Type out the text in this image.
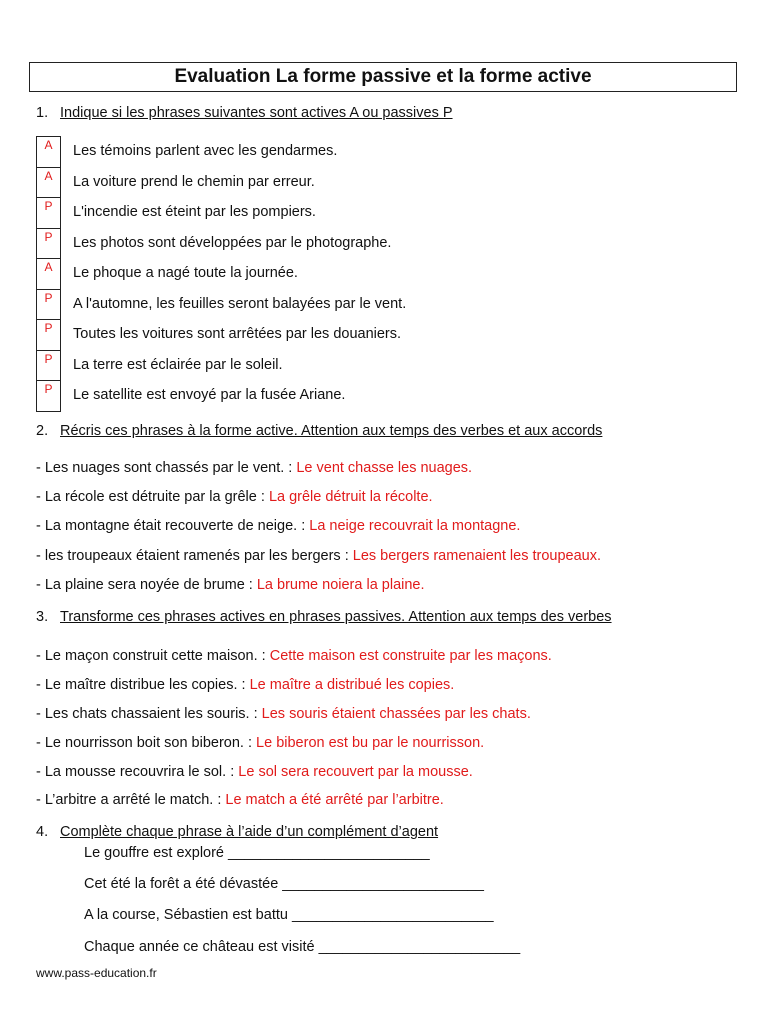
Evaluation La forme passive et la forme active
1. Indique si les phrases suivantes sont actives A ou passives P
A
A
P
P
A
P
P
P
P
Les témoins parlent avec les gendarmes.
La voiture prend le chemin par erreur.
L'incendie est éteint par les pompiers.
Les photos sont développées par le photographe.
Le phoque a nagé toute la journée.
A l'automne, les feuilles seront balayées par le vent.
Toutes les voitures sont arrêtées par les douaniers.
La terre est éclairée par le soleil.
Le satellite est envoyé par la fusée Ariane.
2. Récris ces phrases à la forme active. Attention aux temps des verbes et aux accords
- Les nuages sont chassés par le vent. : Le vent chasse les nuages.
- La récole est détruite par la grêle : La grêle détruit la récolte.
- La montagne était recouverte de neige. : La neige recouvrait la montagne.
- les troupeaux étaient ramenés par les bergers : Les bergers ramenaient les troupeaux.
- La plaine sera noyée de brume : La brume noiera la plaine.
3. Transforme ces phrases actives en phrases passives. Attention aux temps des verbes
- Le maçon construit cette maison. : Cette maison est construite par les maçons.
- Le maître distribue les copies. : Le maître a distribué les copies.
- Les chats chassaient les souris. : Les souris étaient chassées par les chats.
- Le nourrisson boit son biberon. : Le biberon est bu par le nourrisson.
- La mousse recouvrira le sol. : Le sol sera recouvert par la mousse.
- L’arbitre a arrêté le match. : Le match a été arrêté par l’arbitre.
4. Complète chaque phrase à l’aide d’un complément d’agent
Le gouffre est exploré _________________________
Cet été la forêt a été dévastée _________________________
A la course, Sébastien est battu _________________________
Chaque année ce château est visité _________________________
www.pass-education.fr
